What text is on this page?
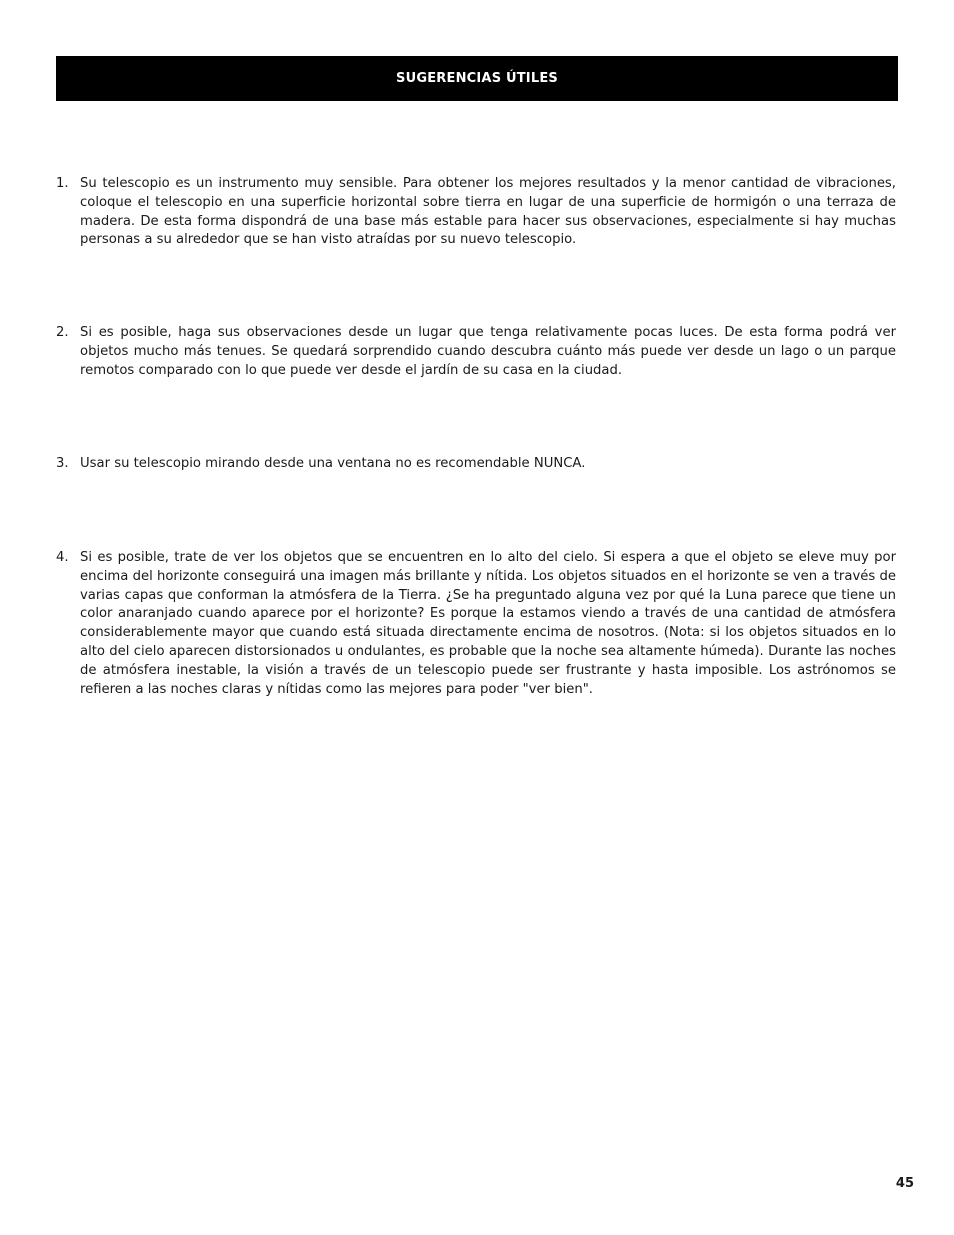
SUGERENCIAS ÚTILES
1. Su telescopio es un instrumento muy sensible. Para obtener los mejores resultados y la menor cantidad de vibraciones, coloque el telescopio en una superficie horizontal sobre tierra en lugar de una superficie de hormigón o una terraza de madera. De esta forma dispondrá de una base más estable para hacer sus observaciones, especialmente si hay muchas personas a su alrededor que se han visto atraídas por su nuevo telescopio.
2. Si es posible, haga sus observaciones desde un lugar que tenga relativamente pocas luces. De esta forma podrá ver objetos mucho más tenues. Se quedará sorprendido cuando descubra cuánto más puede ver desde un lago o un parque remotos comparado con lo que puede ver desde el jardín de su casa en la ciudad.
3. Usar su telescopio mirando desde una ventana no es recomendable NUNCA.
4. Si es posible, trate de ver los objetos que se encuentren en lo alto del cielo. Si espera a que el objeto se eleve muy por encima del horizonte conseguirá una imagen más brillante y nítida. Los objetos situados en el horizonte se ven a través de varias capas que conforman la atmósfera de la Tierra. ¿Se ha preguntado alguna vez por qué la Luna parece que tiene un color anaranjado cuando aparece por el horizonte? Es porque la estamos viendo a través de una cantidad de atmósfera considerablemente mayor que cuando está situada directamente encima de nosotros. (Nota: si los objetos situados en lo alto del cielo aparecen distorsionados u ondulantes, es probable que la noche sea altamente húmeda). Durante las noches de atmósfera inestable, la visión a través de un telescopio puede ser frustrante y hasta imposible. Los astrónomos se refieren a las noches claras y nítidas como las mejores para poder "ver bien".
45
